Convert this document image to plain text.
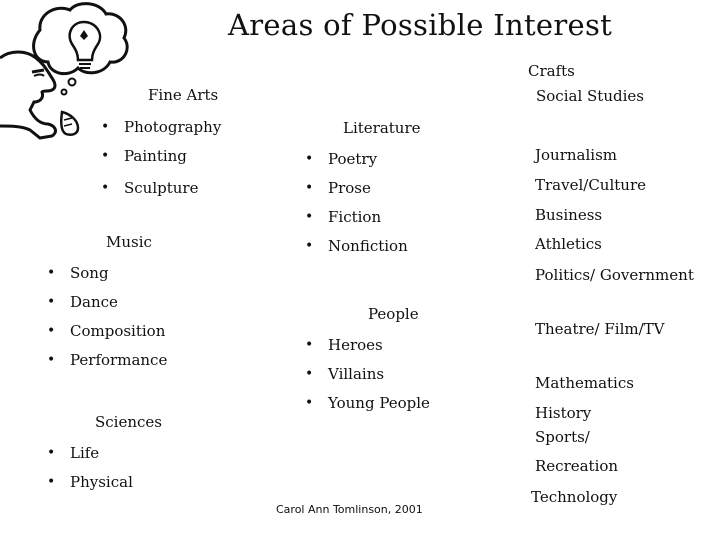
Areas of Possible Interest
Fine Arts
• Photography
• Painting
• Sculpture
Music
• Song
• Dance
• Composition
• Performance
Sciences
• Life
• Physical
Literature
• Poetry
• Prose
• Fiction
• Nonfiction
People
• Heroes
• Villains
• Young People
Crafts
Social Studies
Journalism
Travel/Culture
Business
Athletics
Politics/ Government
Theatre/ Film/TV
Mathematics
History
Sports/
Recreation
Technology
Carol Ann Tomlinson, 2001
